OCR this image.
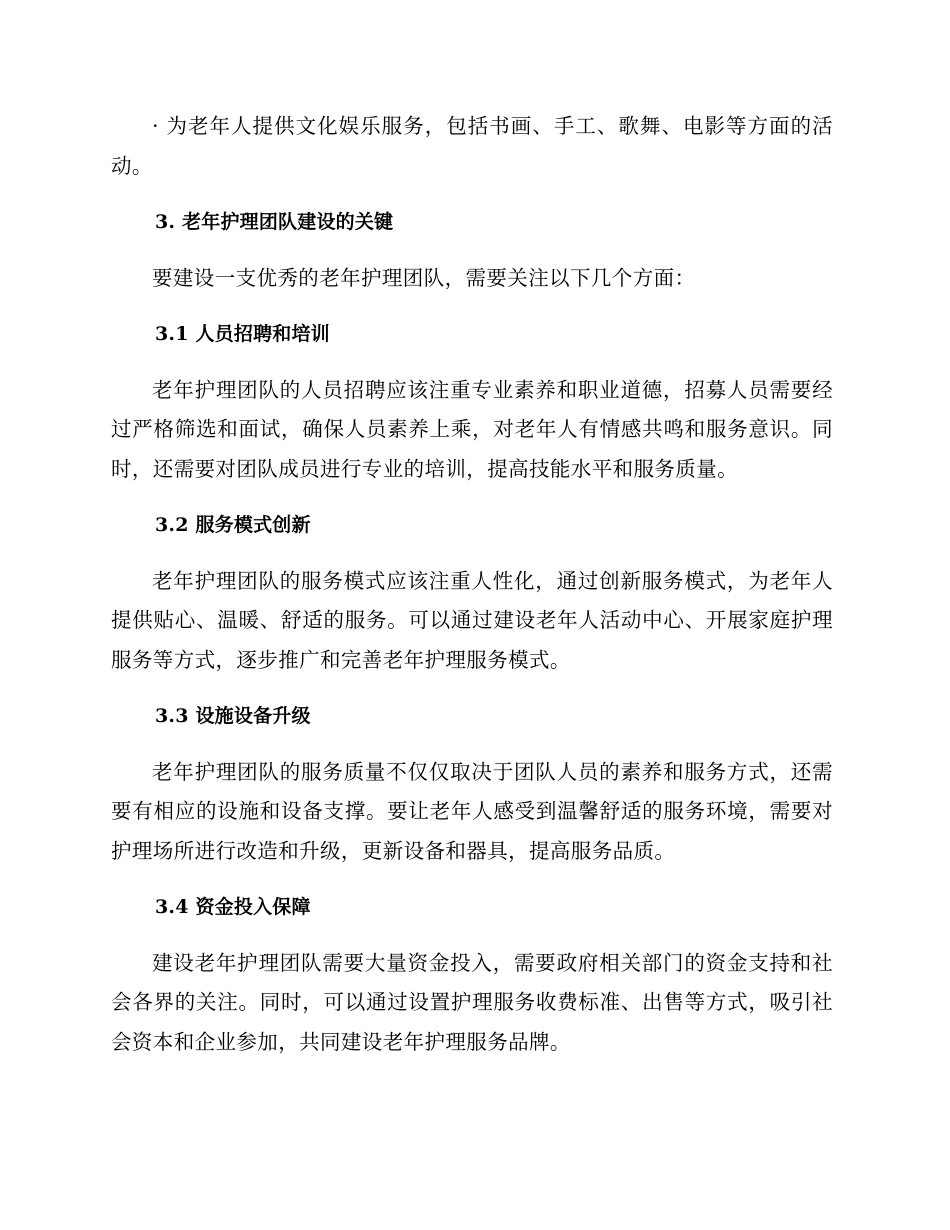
· 为老年人提供文化娱乐服务，包括书画、手工、歌舞、电影等方面的活动。

3. 老年护理团队建设的关键

要建设一支优秀的老年护理团队，需要关注以下几个方面：

3.1 人员招聘和培训

老年护理团队的人员招聘应该注重专业素养和职业道德，招募人员需要经过严格筛选和面试，确保人员素养上乘，对老年人有情感共鸣和服务意识。同时，还需要对团队成员进行专业的培训，提高技能水平和服务质量。

3.2 服务模式创新

老年护理团队的服务模式应该注重人性化，通过创新服务模式，为老年人提供贴心、温暖、舒适的服务。可以通过建设老年人活动中心、开展家庭护理服务等方式，逐步推广和完善老年护理服务模式。

3.3 设施设备升级

老年护理团队的服务质量不仅仅取决于团队人员的素养和服务方式，还需要有相应的设施和设备支撑。要让老年人感受到温馨舒适的服务环境，需要对护理场所进行改造和升级，更新设备和器具，提高服务品质。

3.4 资金投入保障

建设老年护理团队需要大量资金投入，需要政府相关部门的资金支持和社会各界的关注。同时，可以通过设置护理服务收费标准、出售等方式，吸引社会资本和企业参加，共同建设老年护理服务品牌。
